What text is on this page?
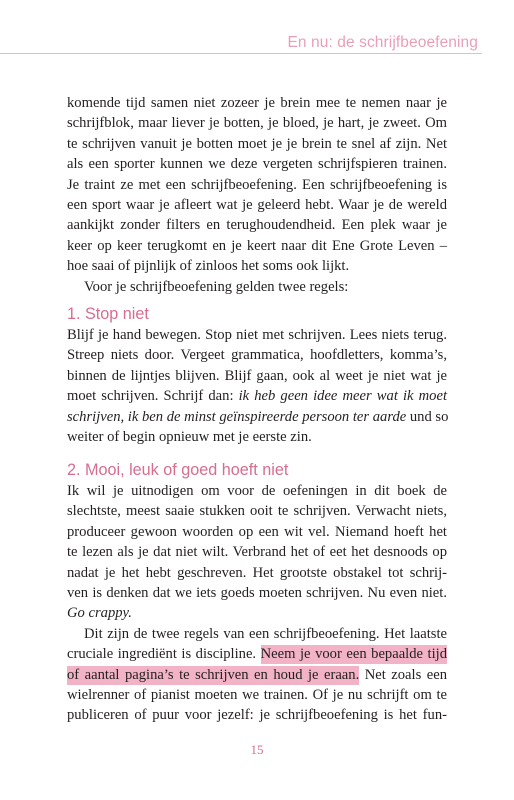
En nu: de schrijfbeoefening
komende tijd samen niet zozeer je brein mee te nemen naar je
schrijfblok, maar liever je botten, je bloed, je hart, je zweet. Om
te schrijven vanuit je botten moet je je brein te snel af zijn. Net
als een sporter kunnen we deze vergeten schrijfspieren trainen.
Je traint ze met een schrijfbeoefening. Een schrijfbeoefening is
een sport waar je afleert wat je geleerd hebt. Waar je de wereld
aankijkt zonder filters en terughoudendheid. Een plek waar je
keer op keer terugkomt en je keert naar dit Ene Grote Leven –
hoe saai of pijnlijk of zinloos het soms ook lijkt.
Voor je schrijfbeoefening gelden twee regels:
1. Stop niet
Blijf je hand bewegen. Stop niet met schrijven. Lees niets terug.
Streep niets door. Vergeet grammatica, hoofdletters, komma’s,
binnen de lijntjes blijven. Blijf gaan, ook al weet je niet wat je
moet schrijven. Schrijf dan: ik heb geen idee meer wat ik moet
schrijven, ik ben de minst geïnspireerde persoon ter aarde und so
weiter of begin opnieuw met je eerste zin.
2. Mooi, leuk of goed hoeft niet
Ik wil je uitnodigen om voor de oefeningen in dit boek de
slechtste, meest saaie stukken ooit te schrijven. Verwacht niets,
produceer gewoon woorden op een wit vel. Niemand hoeft het
te lezen als je dat niet wilt. Verbrand het of eet het desnoods op
nadat je het hebt geschreven. Het grootste obstakel tot schrij-
ven is denken dat we iets goeds moeten schrijven. Nu even niet.
Go crappy.
Dit zijn de twee regels van een schrijfbeoefening. Het laatste
cruciale ingrediënt is discipline. Neem je voor een bepaalde tijd
of aantal pagina’s te schrijven en houd je eraan. Net zoals een
wielrenner of pianist moeten we trainen. Of je nu schrijft om te
publiceren of puur voor jezelf: je schrijfbeoefening is het fun-
15
